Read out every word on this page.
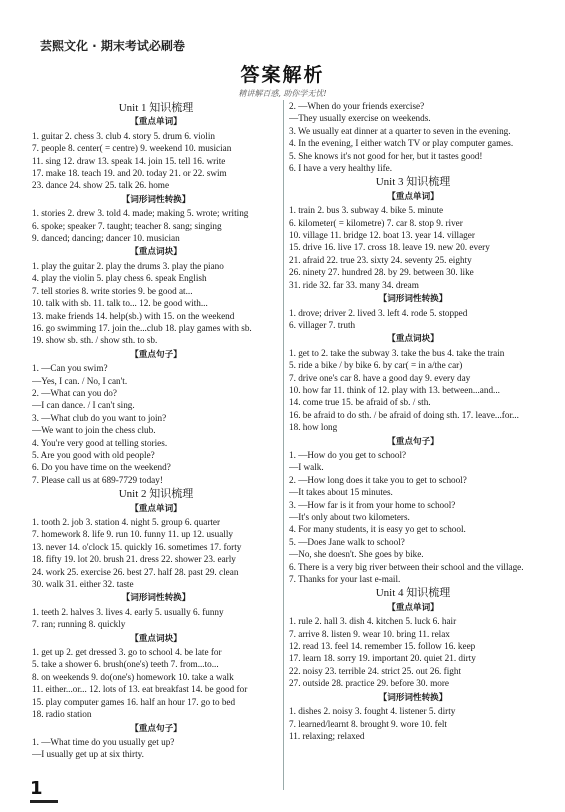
芸熙文化 · 期末考试必刷卷
答案解析
精讲解百惑, 助你学无忧!
Unit 1 知识梳理
【重点单词】
1. guitar 2. chess 3. club 4. story 5. drum 6. violin
7. people 8. center( = centre) 9. weekend 10. musician
11. sing 12. draw 13. speak 14. join 15. tell 16. write
17. make 18. teach 19. and 20. today 21. or 22. swim
23. dance 24. show 25. talk 26. home
【词形词性转换】
1. stories 2. drew 3. told 4. made; making 5. wrote; writing
6. spoke; speaker 7. taught; teacher 8. sang; singing
9. danced; dancing; dancer 10. musician
【重点词块】
1. play the guitar 2. play the drums 3. play the piano
4. play the violin 5. play chess 6. speak English
7. tell stories 8. write stories 9. be good at...
10. talk with sb. 11. talk to... 12. be good with...
13. make friends 14. help(sb.) with 15. on the weekend
16. go swimming 17. join the...club 18. play games with sb.
19. show sb. sth. / show sth. to sb.
【重点句子】
1. —Can you swim?
—Yes, I can. / No, I can't.
2. —What can you do?
—I can dance. / I can't sing.
3. —What club do you want to join?
—We want to join the chess club.
4. You're very good at telling stories.
5. Are you good with old people?
6. Do you have time on the weekend?
7. Please call us at 689-7729 today!
Unit 2 知识梳理
【重点单词】
1. tooth 2. job 3. station 4. night 5. group 6. quarter
7. homework 8. life 9. run 10. funny 11. up 12. usually
13. never 14. o'clock 15. quickly 16. sometimes 17. forty
18. fifty 19. lot 20. brush 21. dress 22. shower 23. early
24. work 25. exercise 26. best 27. half 28. past 29. clean
30. walk 31. either 32. taste
【词形词性转换】
1. teeth 2. halves 3. lives 4. early 5. usually 6. funny
7. ran; running 8. quickly
【重点词块】
1. get up 2. get dressed 3. go to school 4. be late for
5. take a shower 6. brush(one's) teeth 7. from...to...
8. on weekends 9. do(one's) homework 10. take a walk
11. either...or... 12. lots of 13. eat breakfast 14. be good for
15. play computer games 16. half an hour 17. go to bed
18. radio station
【重点句子】
1. —What time do you usually get up?
—I usually get up at six thirty.
2. —When do your friends exercise?
—They usually exercise on weekends.
3. We usually eat dinner at a quarter to seven in the evening.
4. In the evening, I either watch TV or play computer games.
5. She knows it's not good for her, but it tastes good!
6. I have a very healthy life.
Unit 3 知识梳理
【重点单词】
1. train 2. bus 3. subway 4. bike 5. minute
6. kilometer( = kilometre) 7. car 8. stop 9. river
10. village 11. bridge 12. boat 13. year 14. villager
15. drive 16. live 17. cross 18. leave 19. new 20. every
21. afraid 22. true 23. sixty 24. seventy 25. eighty
26. ninety 27. hundred 28. by 29. between 30. like
31. ride 32. far 33. many 34. dream
【词形词性转换】
1. drove; driver 2. lived 3. left 4. rode 5. stopped
6. villager 7. truth
【重点词块】
1. get to 2. take the subway 3. take the bus 4. take the train
5. ride a bike / by bike 6. by car( = in a/the car)
7. drive one's car 8. have a good day 9. every day
10. how far 11. think of 12. play with 13. between...and...
14. come true 15. be afraid of sb. / sth.
16. be afraid to do sth. / be afraid of doing sth. 17. leave...for...
18. how long
【重点句子】
1. —How do you get to school?
—I walk.
2. —How long does it take you to get to school?
—It takes about 15 minutes.
3. —How far is it from your home to school?
—It's only about two kilometers.
4. For many students, it is easy yo get to school.
5. —Does Jane walk to school?
—No, she doesn't. She goes by bike.
6. There is a very big river between their school and the village.
7. Thanks for your last e-mail.
Unit 4 知识梳理
【重点单词】
1. rule 2. hall 3. dish 4. kitchen 5. luck 6. hair
7. arrive 8. listen 9. wear 10. bring 11. relax
12. read 13. feel 14. remember 15. follow 16. keep
17. learn 18. sorry 19. important 20. quiet 21. dirty
22. noisy 23. terrible 24. strict 25. out 26. fight
27. outside 28. practice 29. before 30. more
【词形词性转换】
1. dishes 2. noisy 3. fought 4. listener 5. dirty
7. learned/learnt 8. brought 9. wore 10. felt
11. relaxing; relaxed
1
